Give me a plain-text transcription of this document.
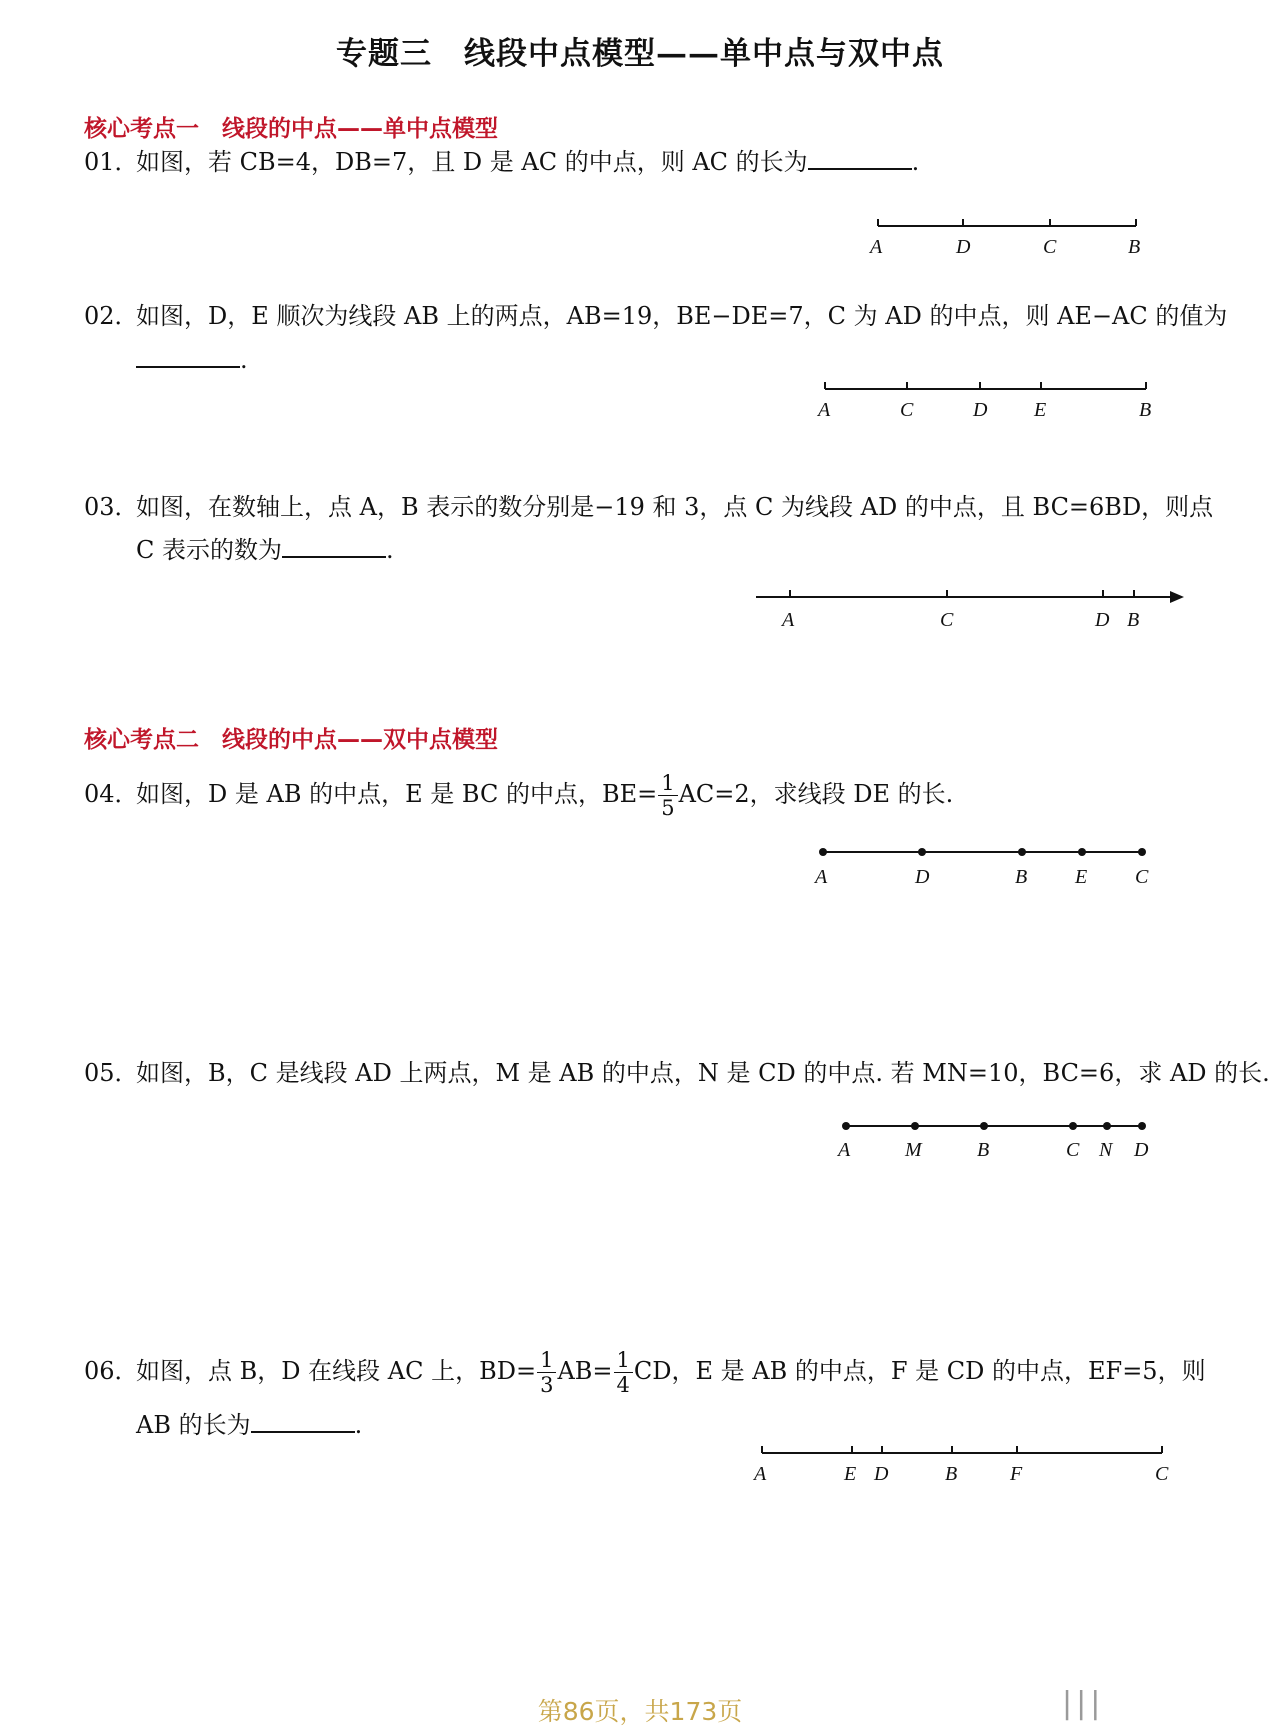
专题三　线段中点模型——单中点与双中点
核心考点一　线段的中点——单中点模型
01．如图，若 CB=4，DB=7，且 D 是 AC 的中点，则 AC 的长为	.
A	D	C	B
02．如图，D，E 顺次为线段 AB 上的两点，AB=19，BE−DE=7，C 为 AD 的中点，则 AE−AC 的值为
.
A	C	D E	B
03．如图，在数轴上，点 A，B 表示的数分别是−19 和 3，点 C 为线段 AD 的中点，且 BC=6BD，则点
C 表示的数为	.
A	C	D B
核心考点二　线段的中点——双中点模型
04．如图，D 是 AB 的中点，E 是 BC 的中点，$BE= \frac{1}{5} AC=2$，求线段 DE 的长.
A	D	B E C
05．如图，B，C 是线段 AD 上两点，M 是 AB 的中点，N 是 CD 的中点. 若 MN=10，BC=6，求 AD 的长.
A	M	B	C N D
06．如图，点 B，D 在线段 AC 上，$BD= \frac{1}{3} AB= \frac{1}{4}$ CD，E 是 AB 的中点，F 是 CD 的中点，EF=5，则
AB 的长为	.
A	E D	B	F	C
第86页，共173页	|||
